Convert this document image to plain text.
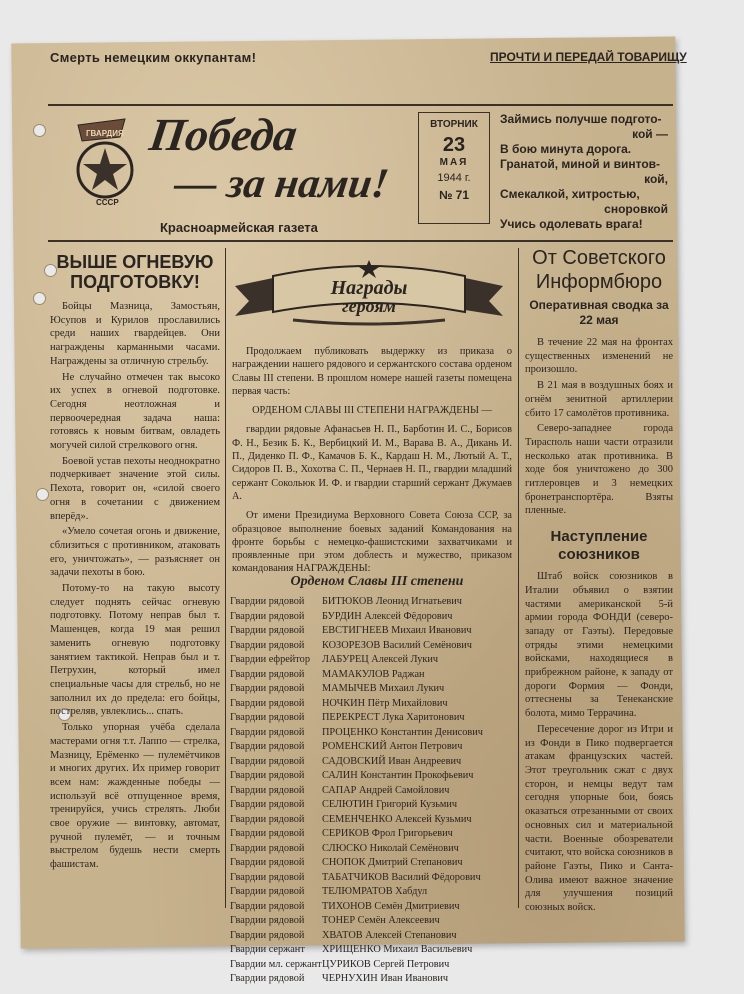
Смерть немецким оккупантам!	ПРОЧТИ И ПЕРЕДАЙ ТОВАРИЩУ
ГВАРДИЯ
СССР
Победа
— за нами!
Красноармейская газета
ВТОРНИК
23
МАЯ
1944 г.
№ 71
Займись получше подгото-
кой —
В бою минута дорога.
Гранатой, миной и винтов-
кой,
Смекалкой, хитростью,
сноровкой
Учись одолевать врага!
ВЫШЕ ОГНЕВУЮ ПОДГОТОВКУ!

Бойцы Мазница, Замостьян, Юсупов и Курилов прославились среди наших гвардейцев. Они награждены карманными часами. Награждены за отличную стрельбу.

Не случайно отмечен так высоко их успех в огневой подготовке. Сегодня неотложная и первоочередная задача наша: готовясь к новым битвам, овладеть могучей силой стрелкового огня.

Боевой устав пехоты неоднократно подчеркивает значение этой силы. Пехота, говорит он, «силой своего огня в сочетании с движением вперёд».

«Умело сочетая огонь и движение, сблизиться с противником, атаковать его, уничтожать», — разъясняет он задачи пехоты в бою.

Потому-то на такую высоту следует поднять сейчас огневую подготовку. Потому неправ был т. Машенцев, когда 19 мая решил заменить огневую подготовку занятием тактикой. Неправ был и т. Петрухин, который имел специальные часы для стрельб, но не заполнил их до предела: его бойцы, постреляв, увлеклись... спать.

Только упорная учёба сделала мастерами огня т.т. Лаппо — стрелка, Мазницу, Ерёменко — пулемётчиков и многих других. Их пример говорит всем нам: жажденные победы — используй всё отпущенное время, тренируйся, учись стрелять. Люби свое оружие — винтовку, автомат, ручной пулемёт, — и точным выстрелом будешь нести смерть фашистам.

Награды
героям

Продолжаем публиковать выдержку из приказа о награждении нашего рядового и сержантского состава орденом Славы III степени. В прошлом номере нашей газеты помещена первая часть:

ОРДЕНОМ СЛАВЫ III СТЕПЕНИ НАГРАЖДЕНЫ —

гвардии рядовые Афанасьев Н. П., Барботин И. С., Борисов Ф. Н., Безик Б. К., Вербицкий И. М., Варава В. А., Дикань И. П., Диденко П. Ф., Камачов Б. К., Кардаш Н. М., Лютый А. Т., Сидоров П. В., Хохотва С. П., Чернаев Н. П., гвардии младший сержант Сокольюк И. Ф. и гвардии старший сержант Джумаев А.

От имени Президиума Верховного Совета Союза ССР, за образцовое выполнение боевых заданий Командования на фронте борьбы с немецко-фашистскими захватчиками и проявленные при этом доблесть и мужество, приказом командования НАГРАЖДЕНЫ:

Орденом Славы III степени
Гвардии рядовой	БИТЮКОВ Леонид Игнатьевич
Гвардии рядовой	БУРДИН Алексей Фёдорович
Гвардии рядовой	ЕВСТИГНЕЕВ Михаил Иванович
Гвардии рядовой	КОЗОРЕЗОВ Василий Семёнович
Гвардии ефрейтор	ЛАБУРЕЦ Алексей Лукич
Гвардии рядовой	МАМАКУЛОВ Раджан
Гвардии рядовой	МАМЫЧЕВ Михаил Лукич
Гвардии рядовой	НОЧКИН Пётр Михайлович
Гвардии рядовой	ПЕРЕКРЕСТ Лука Харитонович
Гвардии рядовой	ПРОЦЕНКО Константин Денисович
Гвардии рядовой	РОМЕНСКИЙ Антон Петрович
Гвардии рядовой	САДОВСКИЙ Иван Андреевич
Гвардии рядовой	САЛИН Константин Прокофьевич
Гвардии рядовой	САПАР Андрей Самойлович
Гвардии рядовой	СЕЛЮТИН Григорий Кузьмич
Гвардии рядовой	СЕМЕНЧЕНКО Алексей Кузьмич
Гвардии рядовой	СЕРИКОВ Фрол Григорьевич
Гвардии рядовой	СЛЮСКО Николай Семёнович
Гвардии рядовой	СНОПОК Дмитрий Степанович
Гвардии рядовой	ТАБАТЧИКОВ Василий Фёдорович
Гвардии рядовой	ТЕЛЮМРАТОВ Хабдул
Гвардии рядовой	ТИХОНОВ Семён Дмитриевич
Гвардии рядовой	ТОНЕР Семён Алексеевич
Гвардии рядовой	ХВАТОВ Алексей Степанович
Гвардии сержант	ХРИЩЕНКО Михаил Васильевич
Гвардии мл. сержант	ЦУРИКОВ Сергей Петрович
Гвардии рядовой	ЧЕРНУХИН Иван Иванович
От Советского Информбюро
Оперативная сводка за 22 мая

В течение 22 мая на фронтах существенных изменений не произошло.

В 21 мая в воздушных боях и огнём зенитной артиллерии сбито 17 самолётов противника.

Северо-западнее города Тирасполь наши части отразили несколько атак противника. В ходе боя уничтожено до 300 гитлеровцев и 3 немецких бронетранспортёра. Взяты пленные.

Наступление союзников

Штаб войск союзников в Италии объявил о взятии частями американской 5-й армии города ФОНДИ (северо-западу от Гаэты). Передовые отряды этими немецкими войсками, находящиеся в прибрежном районе, к западу от дороги Формия — Фонди, оттеснены за Тенеканские болота, мимо Террачина.

Пересечение дорог из Итри и из Фонди в Пико подвергается атакам французских частей. Этот треугольник сжат с двух сторон, и немцы ведут там сегодня упорные бои, боясь оказаться отрезанными от своих основных сил и материальной части. Военные обозреватели считают, что войска союзников в районе Гаэты, Пико и Санта-Олива имеют важное значение для улучшения позиций союзных войск.
